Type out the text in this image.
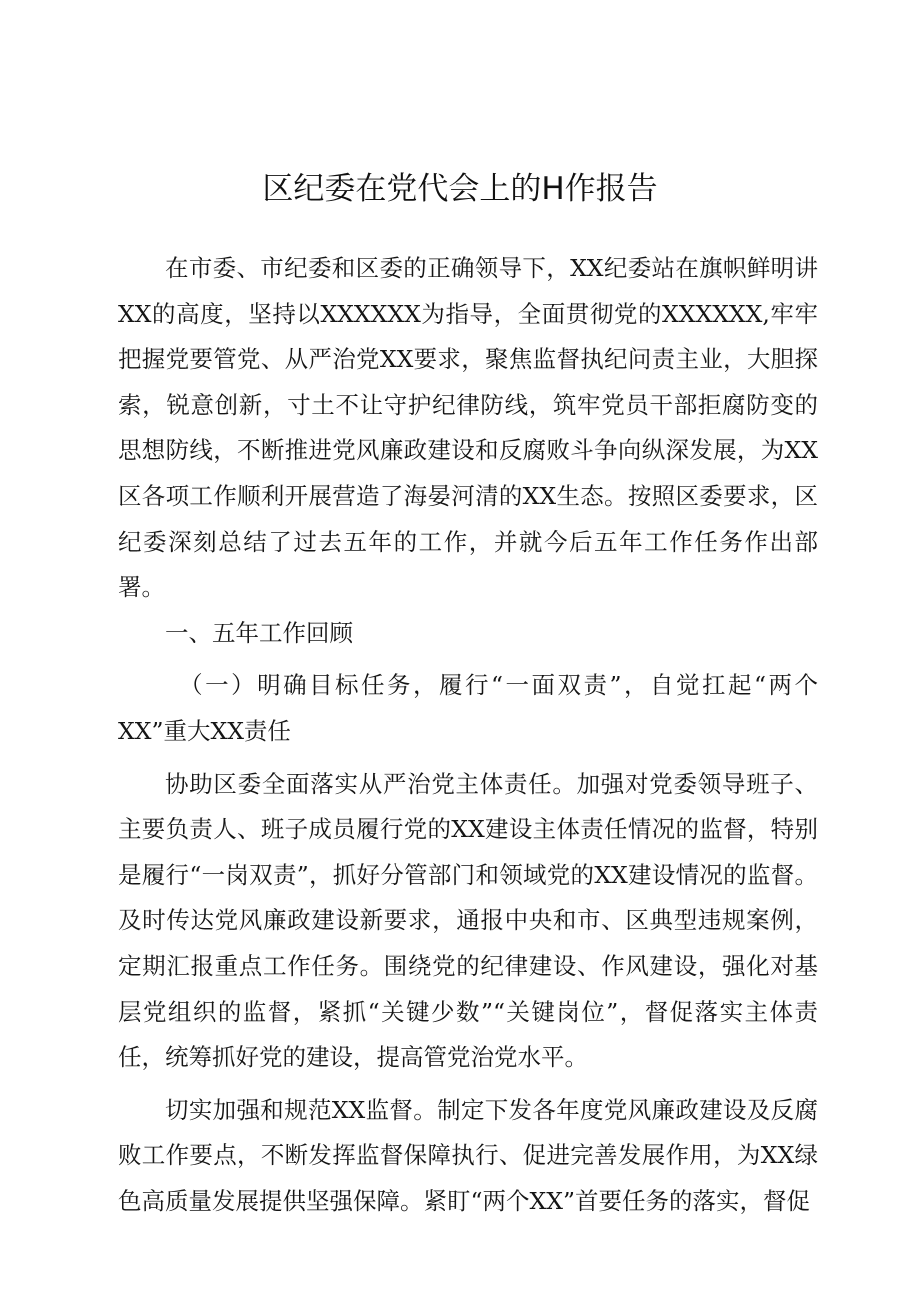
区纪委在党代会上的H作报告

在市委、市纪委和区委的正确领导下，XX纪委站在旗帜鲜明讲XX的高度，坚持以XXXXXX为指导，全面贯彻党的XXXXXX,牢牢把握党要管党、从严治党XX要求，聚焦监督执纪问责主业，大胆探索，锐意创新，寸土不让守护纪律防线，筑牢党员干部拒腐防变的思想防线，不断推进党风廉政建设和反腐败斗争向纵深发展，为XX区各项工作顺利开展营造了海晏河清的XX生态。按照区委要求，区纪委深刻总结了过去五年的工作，并就今后五年工作任务作出部署。

一、五年工作回顾

（一）明确目标任务，履行“一面双责”，自觉扛起“两个XX”重大XX责任

协助区委全面落实从严治党主体责任。加强对党委领导班子、主要负责人、班子成员履行党的XX建设主体责任情况的监督，特别是履行“一岗双责”，抓好分管部门和领域党的XX建设情况的监督。及时传达党风廉政建设新要求，通报中央和市、区典型违规案例，定期汇报重点工作任务。围绕党的纪律建设、作风建设，强化对基层党组织的监督，紧抓“关键少数”“关键岗位”，督促落实主体责任，统筹抓好党的建设，提高管党治党水平。

切实加强和规范XX监督。制定下发各年度党风廉政建设及反腐败工作要点，不断发挥监督保障执行、促进完善发展作用，为XX绿色高质量发展提供坚强保障。紧盯“两个XX”首要任务的落实，督促
